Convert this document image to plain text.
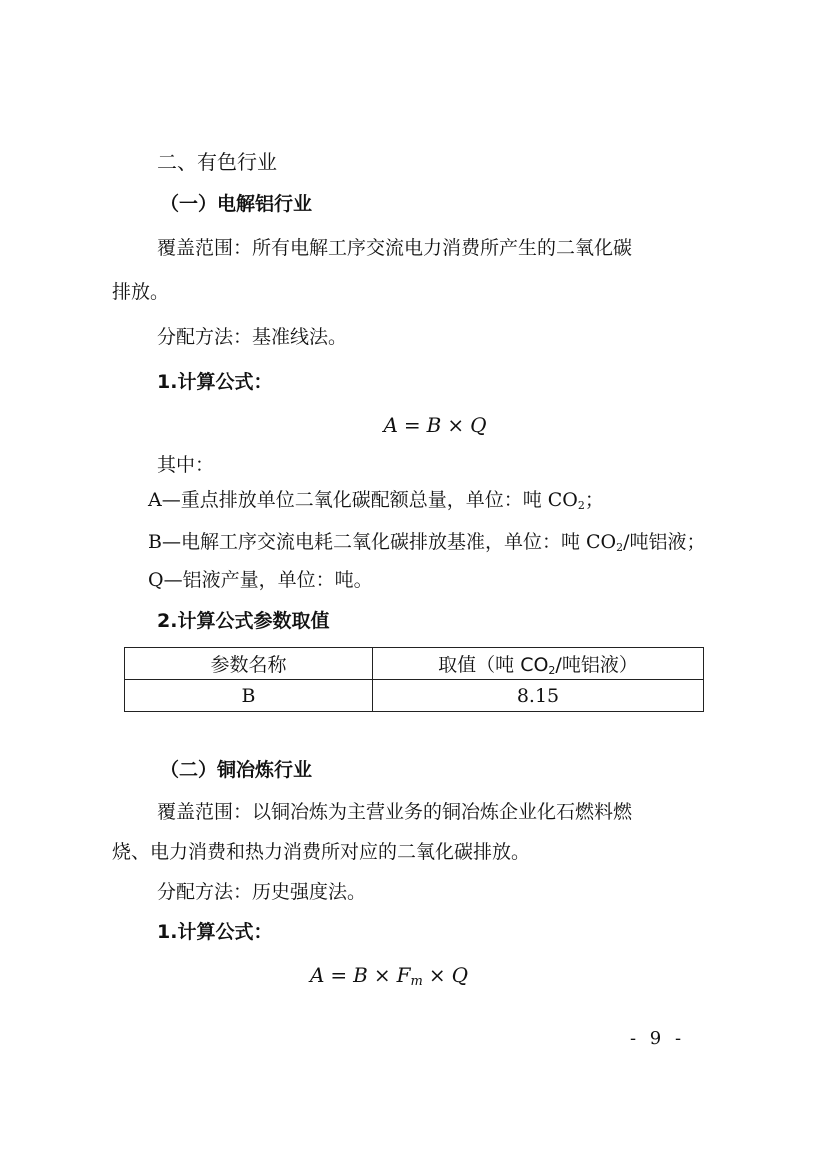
二、有色行业
（一）电解铝行业
覆盖范围：所有电解工序交流电力消费所产生的二氧化碳
排放。
分配方法：基准线法。
1.计算公式：
A = B × Q
其中：
A—重点排放单位二氧化碳配额总量，单位：吨 $CO_2$；
B—电解工序交流电耗二氧化碳排放基准，单位：吨 $CO_2/$吨铝液；
Q—铝液产量，单位：吨。
2.计算公式参数取值
参数名称	取值（吨 $CO_2/$吨铝液）
B	8.15
（二）铜冶炼行业
覆盖范围：以铜冶炼为主营业务的铜冶炼企业化石燃料燃
烧、电力消费和热力消费所对应的二氧化碳排放。
分配方法：历史强度法。
1.计算公式：
$A = B \times F_m \times Q$
- 9 -
